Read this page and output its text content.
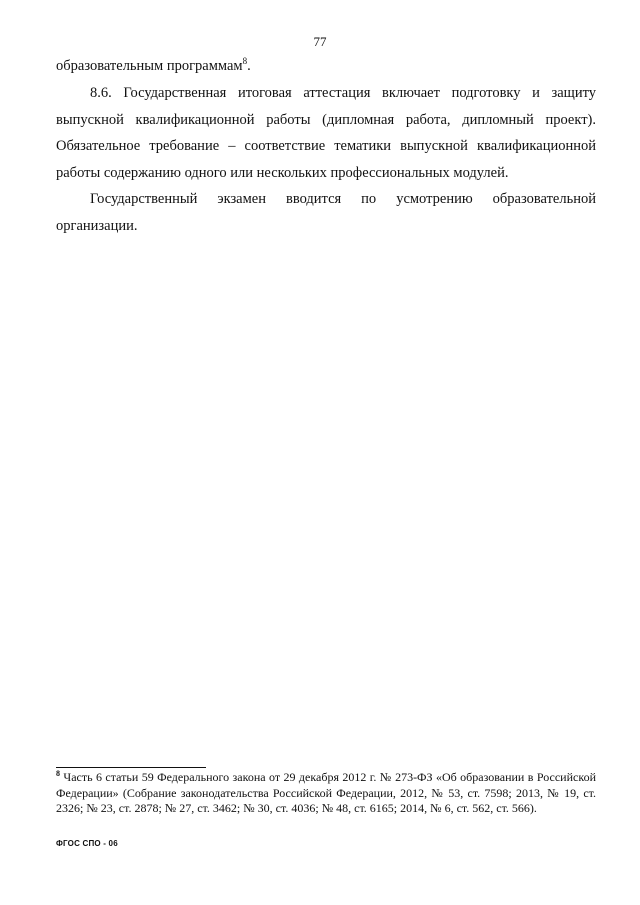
77
образовательным программам$^8$.

8.6. Государственная итоговая аттестация включает подготовку и защиту выпускной квалификационной работы (дипломная работа, дипломный проект). Обязательное требование – соответствие тематики выпускной квалификационной работы содержанию одного или нескольких профессиональных модулей.

Государственный экзамен вводится по усмотрению образовательной организации.

$^8$ Часть 6 статьи 59 Федерального закона от 29 декабря 2012 г. № 273-ФЗ «Об образовании в Российской Федерации» (Собрание законодательства Российской Федерации, 2012, № 53, ст. 7598; 2013, № 19, ст. 2326; № 23, ст. 2878; № 27, ст. 3462; № 30, ст. 4036; № 48, ст. 6165; 2014, № 6, ст. 562, ст. 566).
ФГОС СПО - 06
